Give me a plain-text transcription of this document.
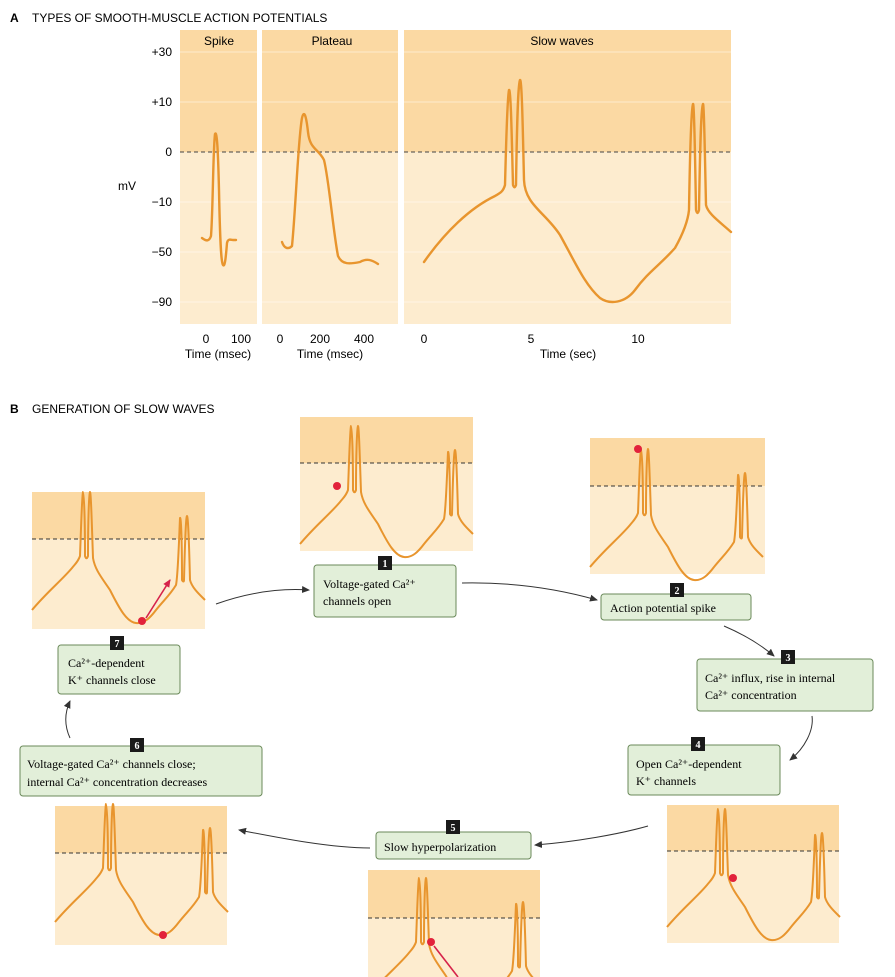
A TYPES OF SMOOTH-MUSCLE ACTION POTENTIALS
Spike	Plateau	Slow waves
+30
+10
0
−10
−50
−90
mV
0 100
Time (msec)
0 200 400
Time (msec)
0	5	10
Time (sec)
B GENERATION OF SLOW WAVES
1
Voltage-gated Ca²⁺
channels open
2
Action potential spike
3
Ca²⁺ influx, rise in internal
Ca²⁺ concentration
4
Open Ca²⁺-dependent
K⁺ channels
5
Slow hyperpolarization
6
Voltage-gated Ca²⁺ channels close;
internal Ca²⁺ concentration decreases
7
Ca²⁺-dependent
K⁺ channels close
